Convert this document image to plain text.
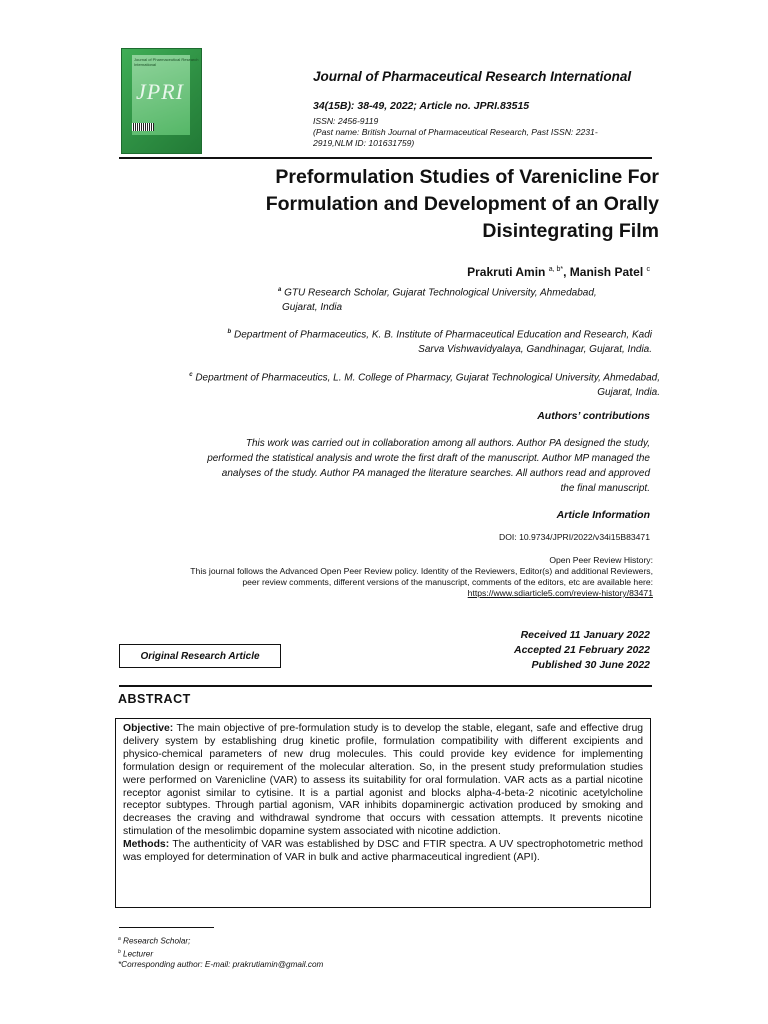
Journal of Pharmaceutical Research International
JPRI
Journal of Pharmaceutical Research International
34(15B): 38-49, 2022; Article no. JPRI.83515
ISSN: 2456-9119
(Past name: British Journal of Pharmaceutical Research, Past ISSN: 2231-2919,NLM ID: 101631759)
Preformulation Studies of Varenicline For
Formulation and Development of an Orally
Disintegrating Film
Prakruti Amin $^{a, b*}$, Manish Patel $^c$
$^a$ GTU Research Scholar, Gujarat Technological University, Ahmedabad,
Gujarat, India
$^b$ Department of Pharmaceutics, K. B. Institute of Pharmaceutical Education and Research, Kadi
Sarva Vishwavidyalaya, Gandhinagar, Gujarat, India.
$^c$ Department of Pharmaceutics, L. M. College of Pharmacy, Gujarat Technological University, Ahmedabad,
Gujarat, India.
Authors’ contributions
This work was carried out in collaboration among all authors. Author PA designed the study,
performed the statistical analysis and wrote the first draft of the manuscript. Author MP managed the
analyses of the study. Author PA managed the literature searches. All authors read and approved
the final manuscript.
Article Information
DOI: 10.9734/JPRI/2022/v34i15B83471
Open Peer Review History:
This journal follows the Advanced Open Peer Review policy. Identity of the Reviewers, Editor(s) and additional Reviewers,
peer review comments, different versions of the manuscript, comments of the editors, etc are available here:
https://www.sdiarticle5.com/review-history/83471
Original Research Article
Received 11 January 2022
Accepted 21 February 2022
Published 30 June 2022
ABSTRACT
Objective: The main objective of pre-formulation study is to develop the stable, elegant, safe and effective drug delivery system by establishing drug kinetic profile, formulation compatibility with different excipients and physico-chemical parameters of new drug molecules. This could provide key evidence for implementing formulation design or requirement of the molecular alteration. So, in the present study preformulation studies were performed on Varenicline (VAR) to assess its suitability for oral formulation. VAR acts as a partial nicotine receptor agonist similar to cytisine. It is a partial agonist and blocks alpha-4-beta-2 nicotinic acetylcholine receptor subtypes. Through partial agonism, VAR inhibits dopaminergic activation produced by smoking and decreases the craving and withdrawal syndrome that occurs with cessation attempts. It prevents nicotine stimulation of the mesolimbic dopamine system associated with nicotine addiction.
Methods: The authenticity of VAR was established by DSC and FTIR spectra. A UV spectrophotometric method was employed for determination of VAR in bulk and active pharmaceutical ingredient (API).
$^a$ Research Scholar;
$^b$ Lecturer
*Corresponding author: E-mail: prakrutiamin@gmail.com
